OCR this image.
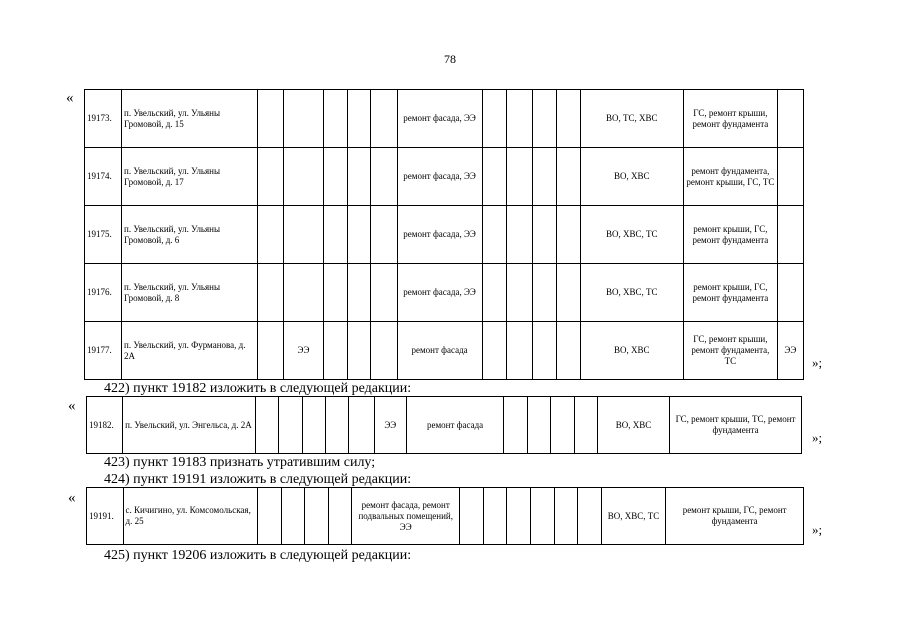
78
«
19173.	п. Увельский, ул. Ульяны Громовой, д. 15						ремонт фасада, ЭЭ					ВО, ТС, ХВС	ГС, ремонт крыши, ремонт фундамента	
19174.	п. Увельский, ул. Ульяны Громовой, д. 17						ремонт фасада, ЭЭ					ВО, ХВС	ремонт фундамента, ремонт крыши, ГС, ТС	
19175.	п. Увельский, ул. Ульяны Громовой, д. 6						ремонт фасада, ЭЭ					ВО, ХВС, ТС	ремонт крыши, ГС, ремонт фундамента	
19176.	п. Увельский, ул. Ульяны Громовой, д. 8						ремонт фасада, ЭЭ					ВО, ХВС, ТС	ремонт крыши, ГС, ремонт фундамента	
19177.	п. Увельский, ул. Фурманова, д. 2А		ЭЭ				ремонт фасада					ВО, ХВС	ГС, ремонт крыши, ремонт фундамента, ТС	ЭЭ
»;
422) пункт 19182 изложить в следующей редакции:
«
19182.	п. Увельский, ул. Энгельса, д. 2А						ЭЭ	ремонт фасада					ВО, ХВС	ГС, ремонт крыши, ТС, ремонт фундамента	»;
423) пункт 19183 признать утратившим силу;
424) пункт 19191 изложить в следующей редакции:
«
19191.	с. Кичигино, ул. Комсомольская, д. 25					ремонт фасада, ремонт подвальных помещений, ЭЭ							ВО, ХВС, ТС	ремонт крыши, ГС, ремонт фундамента
»;
425) пункт 19206 изложить в следующей редакции:
